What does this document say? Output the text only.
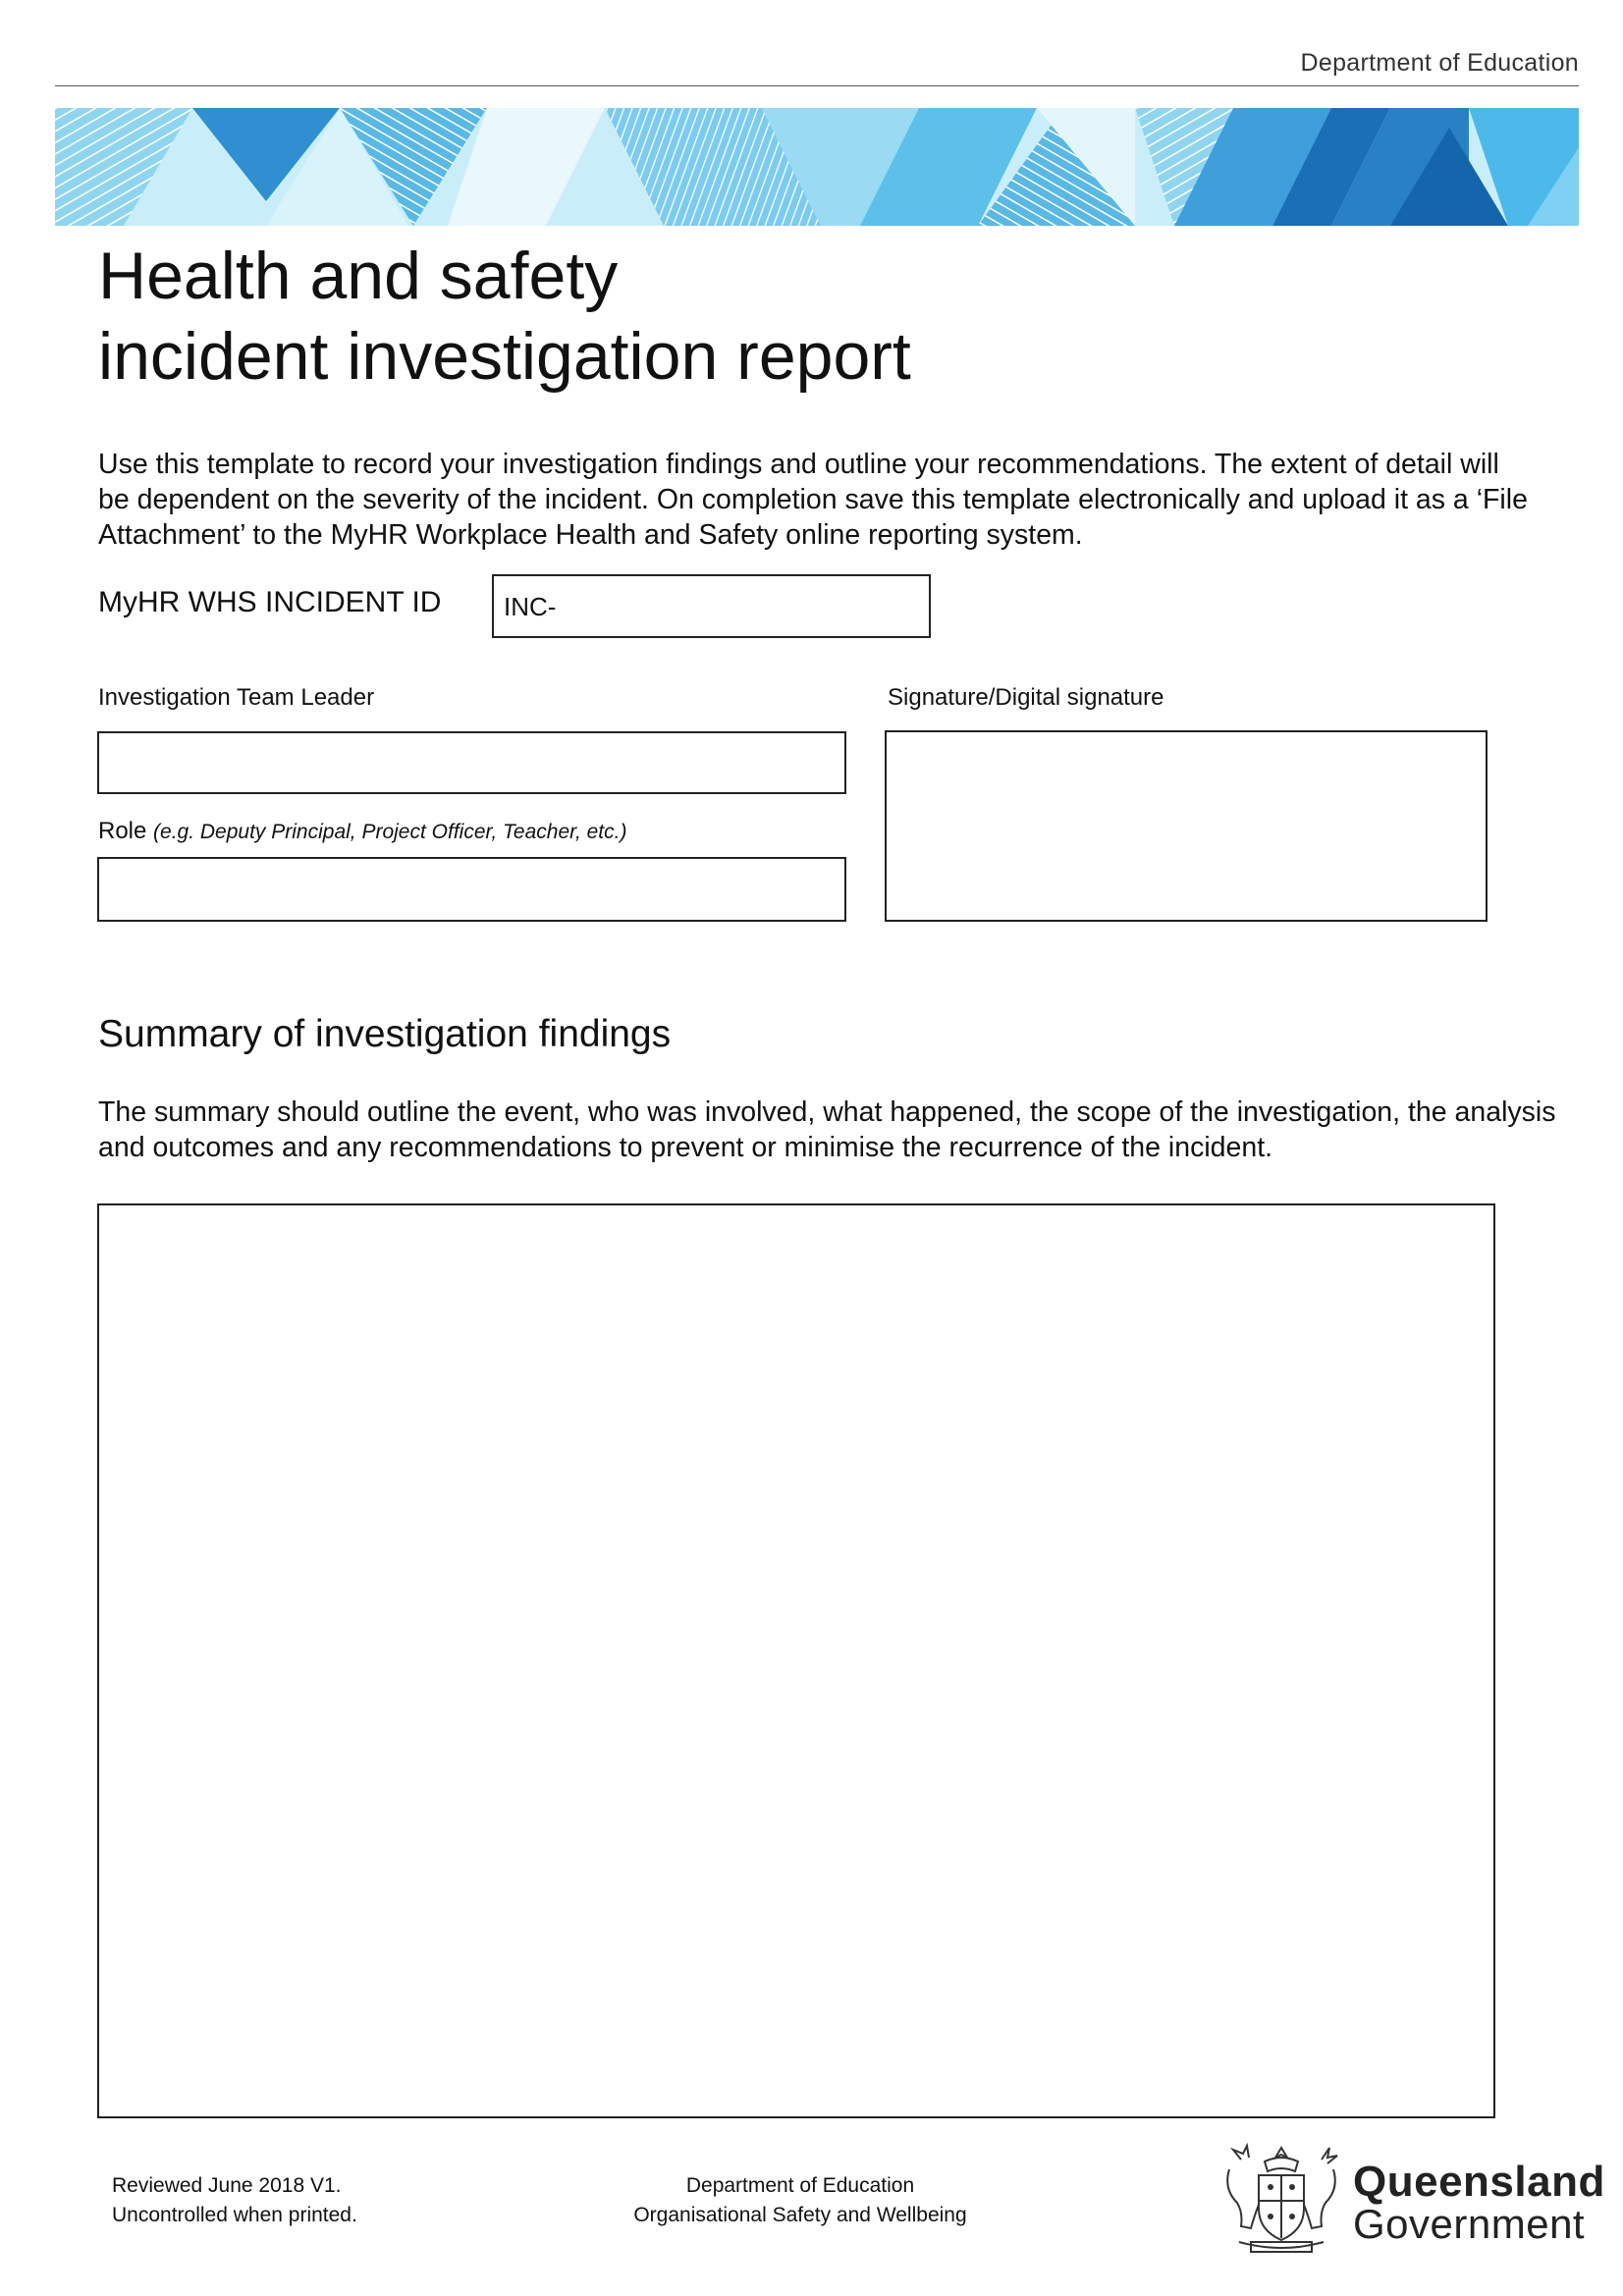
Department of Education
Health and safety
incident investigation report

Use this template to record your investigation findings and outline your recommendations. The extent of detail will be dependent on the severity of the incident. On completion save this template electronically and upload it as a ‘File Attachment’ to the MyHR Workplace Health and Safety online reporting system.

MyHR WHS INCIDENT ID INC-
Investigation Team Leader	Signature/Digital signature
Role (e.g. Deputy Principal, Project Officer, Teacher, etc.)
Summary of investigation findings

The summary should outline the event, who was involved, what happened, the scope of the investigation, the analysis and outcomes and any recommendations to prevent or minimise the recurrence of the incident.

Reviewed June 2018 V1.
Uncontrolled when printed.
Department of Education
Organisational Safety and Wellbeing
Queensland
Government
